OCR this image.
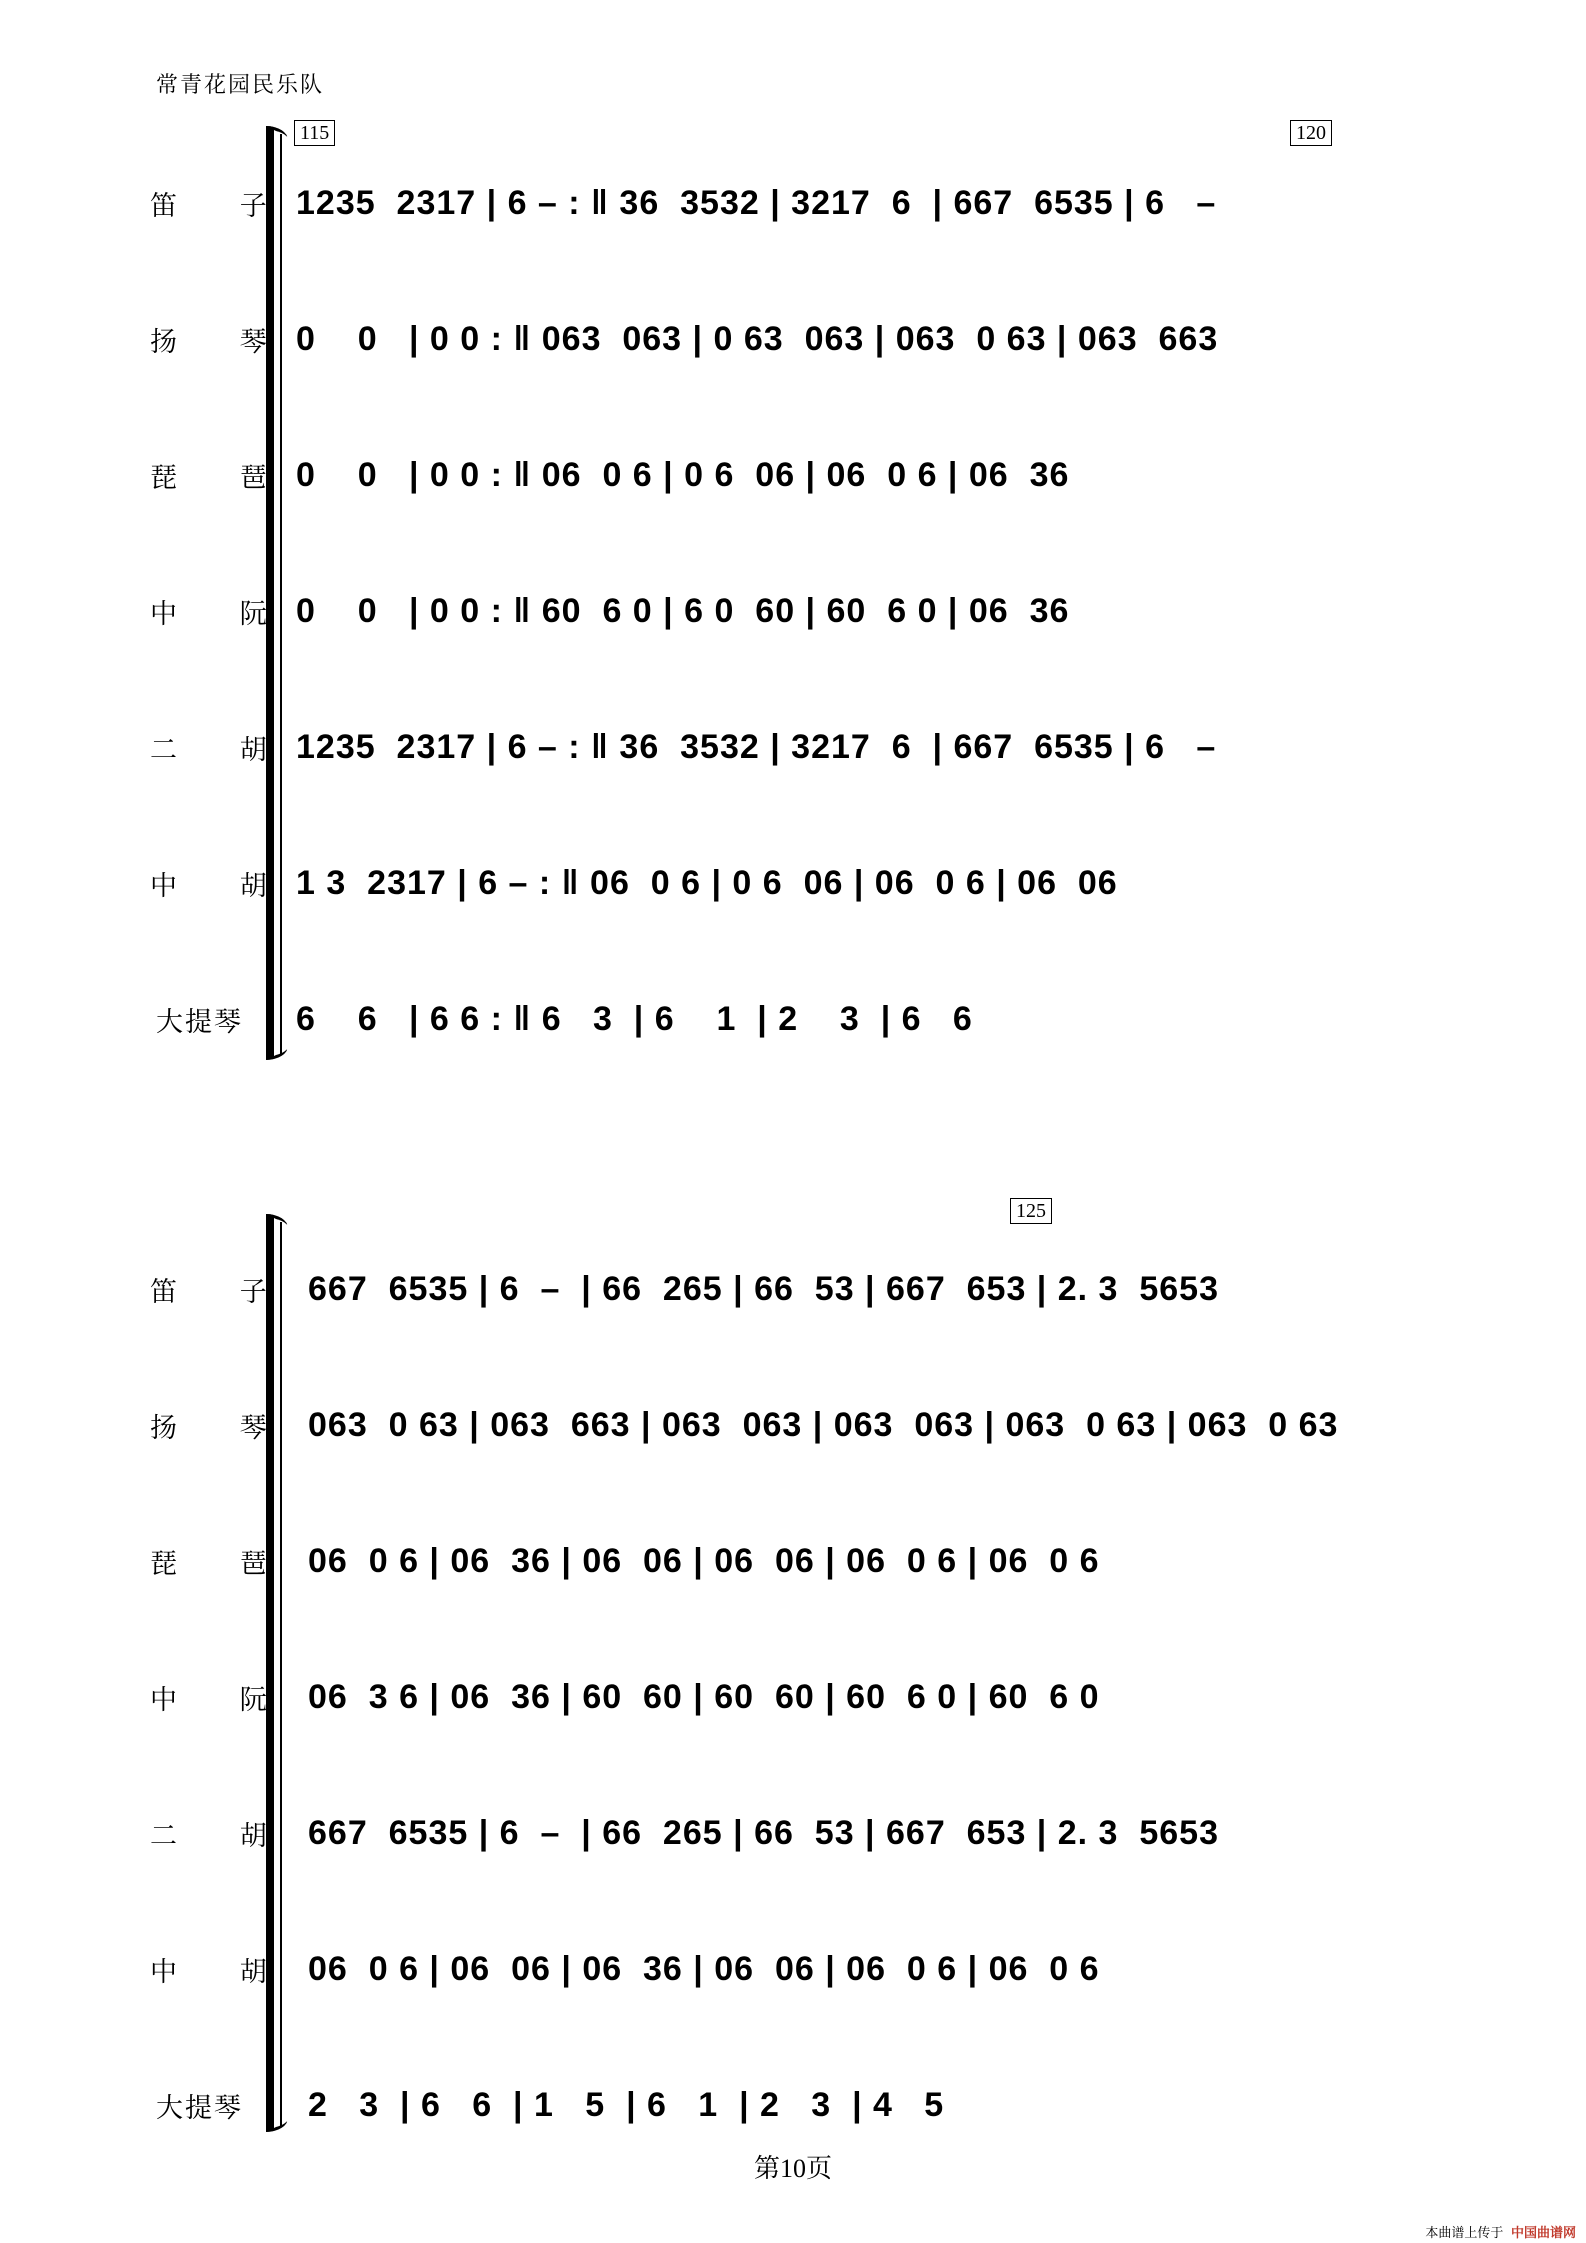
常青花园民乐队
115	120
笛 子 1235  2317 | 6 – : ‖ 36  3532 | 3217  6  | 667  6535 | 6   –
扬 琴 0    0   | 0 0 : ‖ 063  063 | 0 63  063 | 063  0 63 | 063  663
琵 琶 0    0   | 0 0 : ‖ 06  0 6 | 0 6  06 | 06  0 6 | 06  36
中 阮 0    0   | 0 0 : ‖ 60  6 0 | 6 0  60 | 60  6 0 | 06  36
二 胡 1235  2317 | 6 – : ‖ 36  3532 | 3217  6  | 667  6535 | 6   –
中 胡 1 3  2317 | 6 – : ‖ 06  0 6 | 0 6  06 | 06  0 6 | 06  06
大提琴	6    6   | 6 6 : ‖ 6   3  | 6    1  | 2    3  | 6   6
125
笛 子 667  6535 | 6  –  | 66  265 | 66  53 | 667  653 | 2. 3  5653
扬 琴 063  0 63 | 063  663 | 063  063 | 063  063 | 063  0 63 | 063  0 63
琵 琶 06  0 6 | 06  36 | 06  06 | 06  06 | 06  0 6 | 06  0 6
中 阮 06  3 6 | 06  36 | 60  60 | 60  60 | 60  6 0 | 60  6 0
二 胡 667  6535 | 6  –  | 66  265 | 66  53 | 667  653 | 2. 3  5653
中 胡 06  0 6 | 06  06 | 06  36 | 06  06 | 06  0 6 | 06  0 6
大提琴	2   3  | 6   6  | 1   5  | 6   1  | 2   3  | 4   5
第10页
本曲谱上传于 中国曲谱网
